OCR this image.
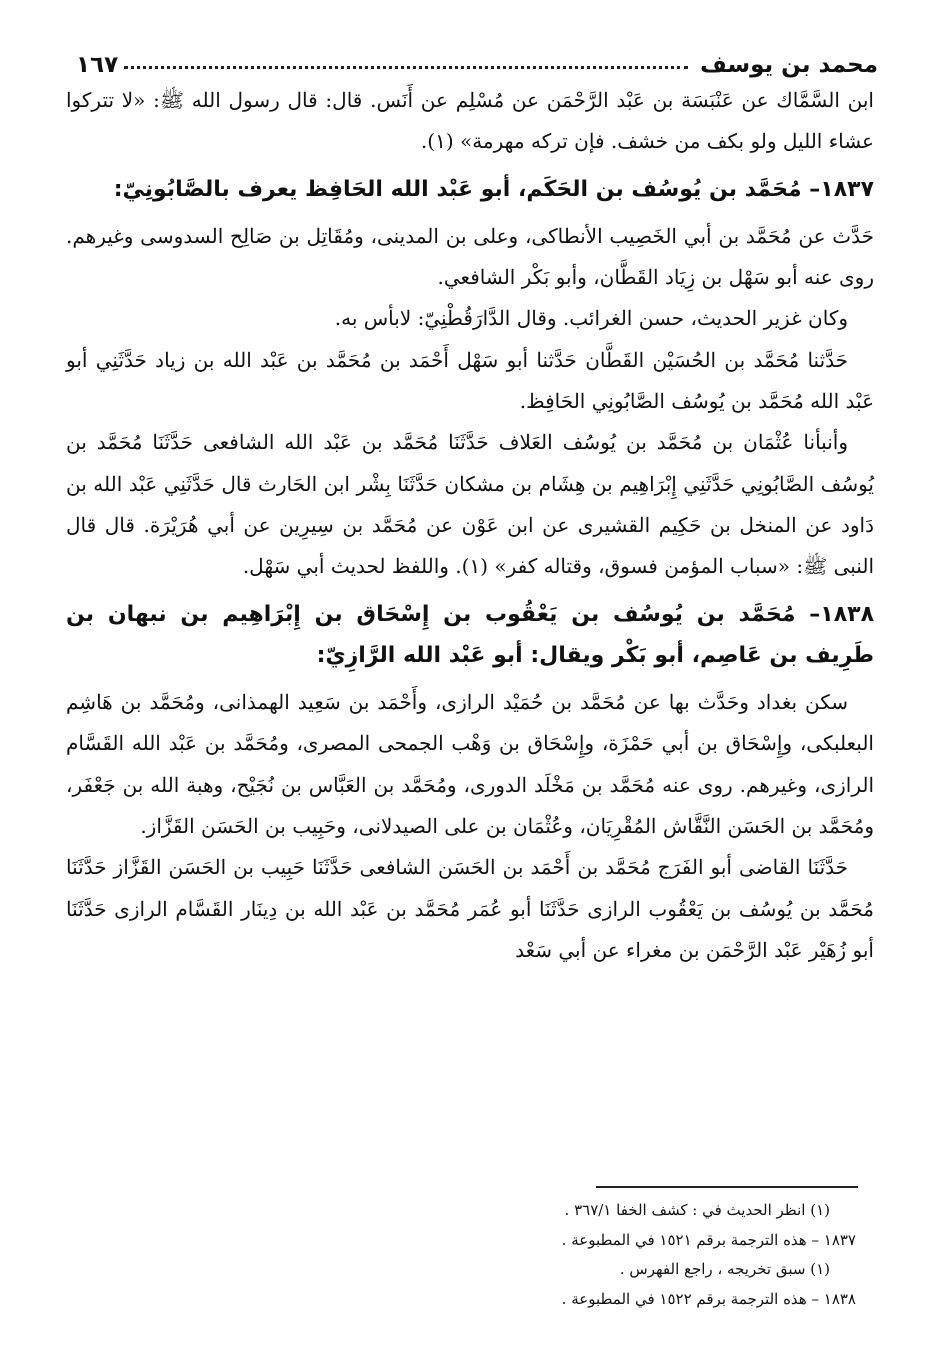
محمد بن يوسف
١٦٧

ابن السَّمَّاك عن عَنْبَسَة بن عَبْد الرَّحْمَن عن مُسْلِم عن أَنَس. قال: قال رسول الله ﷺ: «لا تتركوا عشاء الليل ولو بكف من خشف. فإن تركه مهرمة» (١).

١٨٣٧– مُحَمَّد بن يُوسُف بن الحَكَم، أبو عَبْد الله الحَافِظ يعرف بالصَّابُونِيّ:

حَدَّث عن مُحَمَّد بن أبي الخَصِيب الأنطاكى، وعلى بن المدينى، ومُقَاتِل بن صَالِح السدوسى وغيرهم. روى عنه أبو سَهْل بن زِيَاد القَطَّان، وأبو بَكْر الشافعي.

وكان غزير الحديث، حسن الغرائب. وقال الدَّارَقُطْنِيّ: لابأس به.

حَدَّثنا مُحَمَّد بن الحُسَيْن القَطَّان حَدَّثنا أبو سَهْل أَحْمَد بن مُحَمَّد بن عَبْد الله بن زياد حَدَّثَنِي أبو عَبْد الله مُحَمَّد بن يُوسُف الصَّابُونِي الحَافِظ.

وأنبأنا عُثْمَان بن مُحَمَّد بن يُوسُف العَلاف حَدَّثَنَا مُحَمَّد بن عَبْد الله الشافعى حَدَّثَنَا مُحَمَّد بن يُوسُف الصَّابُونِي حَدَّثَنِي إِبْرَاهِيم بن هِشَام بن مشكان حَدَّثَنَا بِشْر ابن الحَارث قال حَدَّثَنِي عَبْد الله بن دَاود عن المنخل بن حَكِيم القشيرى عن ابن عَوْن عن مُحَمَّد بن سِيرِين عن أبي هُرَيْرَة. قال قال النبى ﷺ: «سباب المؤمن فسوق، وقتاله كفر» (١). واللفظ لحديث أبي سَهْل.

١٨٣٨– مُحَمَّد بن يُوسُف بن يَعْقُوب بن إِسْحَاق بن إِبْرَاهِيم بن نبهان بن طَرِيف بن عَاصِم، أبو بَكْر ويقال: أبو عَبْد الله الرَّازِيّ:

سكن بغداد وحَدَّث بها عن مُحَمَّد بن حُمَيْد الرازى، وأَحْمَد بن سَعِيد الهمذانى، ومُحَمَّد بن هَاشِم البعلبكى، وإِسْحَاق بن أبي حَمْزَة، وإِسْحَاق بن وَهْب الجمحى المصرى، ومُحَمَّد بن عَبْد الله القَسَّام الرازى، وغيرهم. روى عنه مُحَمَّد بن مَخْلَد الدورى، ومُحَمَّد بن العَبَّاس بن نُجَيْح، وهبة الله بن جَعْفَر، ومُحَمَّد بن الحَسَن النَّقَّاش المُقْرِيَان، وعُثْمَان بن على الصيدلانى، وحَبِيب بن الحَسَن القَزَّاز.

حَدَّثَنَا القاضى أبو الفَرَج مُحَمَّد بن أَحْمَد بن الحَسَن الشافعى حَدَّثَنَا حَبِيب بن الحَسَن القَزَّاز حَدَّثَنَا مُحَمَّد بن يُوسُف بن يَعْقُوب الرازى حَدَّثَنَا أبو عُمَر مُحَمَّد بن عَبْد الله بن دِينَار القَسَّام الرازى حَدَّثَنَا أبو زُهَيْر عَبْد الرَّحْمَن بن مغراء عن أبي سَعْد

(١) انظر الحديث في : كشف الخفا ٣٦٧/١ .

١٨٣٧ – هذه الترجمة برقم ١٥٢١ في المطبوعة .

(١) سبق تخريجه ، راجع الفهرس .

١٨٣٨ – هذه الترجمة برقم ١٥٢٢ في المطبوعة .
